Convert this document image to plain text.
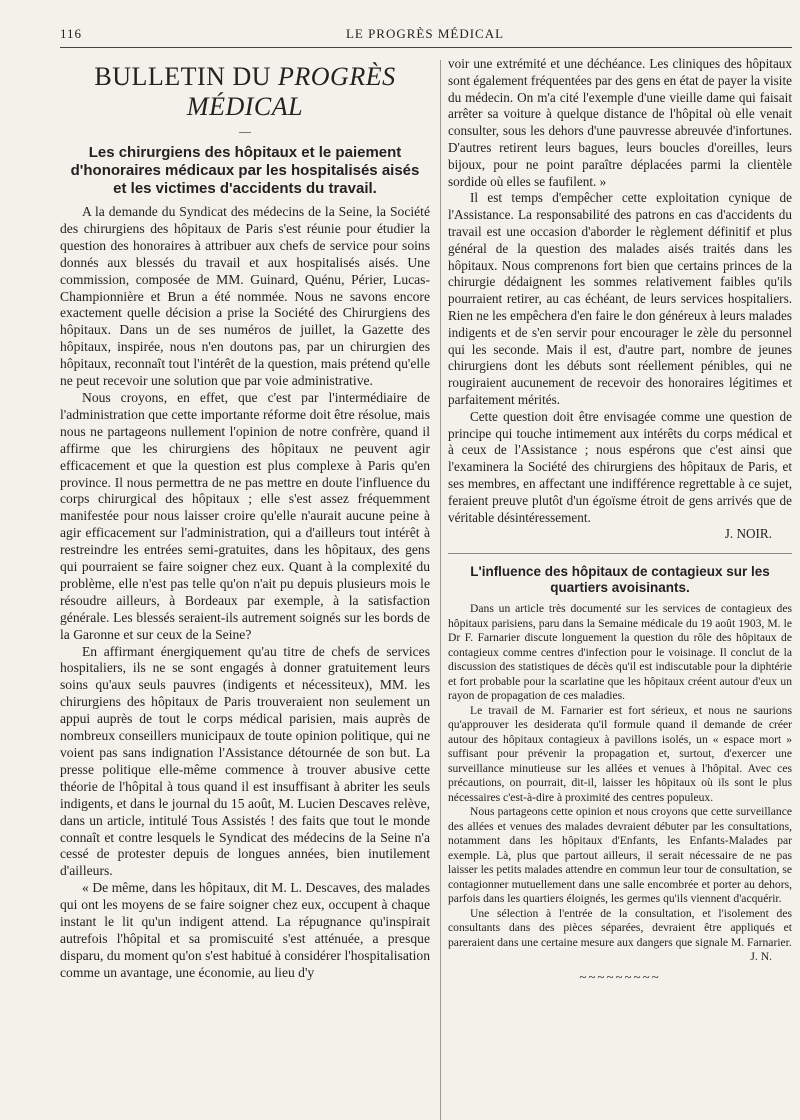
116	LE PROGRÈS MÉDICAL
BULLETIN DU PROGRÈS MÉDICAL
—
Les chirurgiens des hôpitaux et le paiement d'honoraires médicaux par les hospitalisés aisés et les victimes d'accidents du travail.

A la demande du Syndicat des médecins de la Seine, la Société des chirurgiens des hôpitaux de Paris s'est réunie pour étudier la question des honoraires à attribuer aux chefs de service pour soins donnés aux blessés du travail et aux hospitalisés aisés. Une commission, composée de MM. Guinard, Quénu, Périer, Lucas-Championnière et Brun a été nommée. Nous ne savons encore exactement quelle décision a prise la Société des Chirurgiens des hôpitaux. Dans un de ses numéros de juillet, la Gazette des hôpitaux, inspirée, nous n'en doutons pas, par un chirurgien des hôpitaux, reconnaît tout l'intérêt de la question, mais prétend qu'elle ne peut recevoir une solution que par voie administrative.

Nous croyons, en effet, que c'est par l'intermédiaire de l'administration que cette importante réforme doit être résolue, mais nous ne partageons nullement l'opinion de notre confrère, quand il affirme que les chirurgiens des hôpitaux ne peuvent agir efficacement et que la question est plus complexe à Paris qu'en province. Il nous permettra de ne pas mettre en doute l'influence du corps chirurgical des hôpitaux ; elle s'est assez fréquemment manifestée pour nous laisser croire qu'elle n'aurait aucune peine à agir efficacement sur l'administration, qui a d'ailleurs tout intérêt à restreindre les entrées semi-gratuites, dans les hôpitaux, des gens qui pourraient se faire soigner chez eux. Quant à la complexité du problème, elle n'est pas telle qu'on n'ait pu depuis plusieurs mois le résoudre ailleurs, à Bordeaux par exemple, à la satisfaction générale. Les blessés seraient-ils autrement soignés sur les bords de la Garonne et sur ceux de la Seine?

En affirmant énergiquement qu'au titre de chefs de services hospitaliers, ils ne se sont engagés à donner gratuitement leurs soins qu'aux seuls pauvres (indigents et nécessiteux), MM. les chirurgiens des hôpitaux de Paris trouveraient non seulement un appui auprès de tout le corps médical parisien, mais auprès de nombreux conseillers municipaux de toute opinion politique, qui ne voient pas sans indignation l'Assistance détournée de son but. La presse politique elle-même commence à trouver abusive cette théorie de l'hôpital à tous quand il est insuffisant à abriter les seuls indigents, et dans le journal du 15 août, M. Lucien Descaves relève, dans un article, intitulé Tous Assistés ! des faits que tout le monde connaît et contre lesquels le Syndicat des médecins de la Seine n'a cessé de protester depuis de longues années, bien inutilement d'ailleurs.

« De même, dans les hôpitaux, dit M. L. Descaves, des malades qui ont les moyens de se faire soigner chez eux, occupent à chaque instant le lit qu'un indigent attend. La répugnance qu'inspirait autrefois l'hôpital et sa promiscuité s'est atténuée, a presque disparu, du moment qu'on s'est habitué à considérer l'hospitalisation comme un avantage, une économie, au lieu d'y

voir une extrémité et une déchéance. Les cliniques des hôpitaux sont également fréquentées par des gens en état de payer la visite du médecin. On m'a cité l'exemple d'une vieille dame qui faisait arrêter sa voiture à quelque distance de l'hôpital où elle venait consulter, sous les dehors d'une pauvresse abreuvée d'infortunes. D'autres retirent leurs bagues, leurs boucles d'oreilles, leurs bijoux, pour ne point paraître déplacées parmi la clientèle sordide où elles se faufilent. »

Il est temps d'empêcher cette exploitation cynique de l'Assistance. La responsabilité des patrons en cas d'accidents du travail est une occasion d'aborder le règlement définitif et plus général de la question des malades aisés traités dans les hôpitaux. Nous comprenons fort bien que certains princes de la chirurgie dédaignent les sommes relativement faibles qu'ils pourraient retirer, au cas échéant, de leurs services hospitaliers. Rien ne les empêchera d'en faire le don généreux à leurs malades indigents et de s'en servir pour encourager le zèle du personnel qui les seconde. Mais il est, d'autre part, nombre de jeunes chirurgiens dont les débuts sont réellement pénibles, qui ne rougiraient aucunement de recevoir des honoraires légitimes et parfaitement mérités.

Cette question doit être envisagée comme une question de principe qui touche intimement aux intérêts du corps médical et à ceux de l'Assistance ; nous espérons que c'est ainsi que l'examinera la Société des chirurgiens des hôpitaux de Paris, et ses membres, en affectant une indifférence regrettable à ce sujet, feraient preuve plutôt d'un égoïsme étroit de gens arrivés que de véritable désintéressement.

J. NOIR.
L'influence des hôpitaux de contagieux sur les quartiers avoisinants.

Dans un article très documenté sur les services de contagieux des hôpitaux parisiens, paru dans la Semaine médicale du 19 août 1903, M. le Dr F. Farnarier discute longuement la question du rôle des hôpitaux de contagieux comme centres d'infection pour le voisinage. Il conclut de la discussion des statistiques de décès qu'il est indiscutable pour la diphtérie et fort probable pour la scarlatine que les hôpitaux créent autour d'eux un rayon de propagation de ces maladies.

Le travail de M. Farnarier est fort sérieux, et nous ne saurions qu'approuver les desiderata qu'il formule quand il demande de créer autour des hôpitaux contagieux à pavillons isolés, un « espace mort » suffisant pour prévenir la propagation et, surtout, d'exercer une surveillance minutieuse sur les allées et venues à l'hôpital. Avec ces précautions, on pourrait, dit-il, laisser les hôpitaux où ils sont le plus nécessaires c'est-à-dire à proximité des centres populeux.

Nous partageons cette opinion et nous croyons que cette surveillance des allées et venues des malades devraient débuter par les consultations, notamment dans les hôpitaux d'Enfants, les Enfants-Malades par exemple. Là, plus que partout ailleurs, il serait nécessaire de ne pas laisser les petits malades attendre en commun leur tour de consultation, se contagionner mutuellement dans une salle encombrée et porter au dehors, parfois dans les quartiers éloignés, les germes qu'ils viennent d'acquérir.

Une sélection à l'entrée de la consultation, et l'isolement des consultants dans des pièces séparées, devraient être appliqués et pareraient dans une certaine mesure aux dangers que signale M. Farnarier.

J. N.
~~~~~~~~~
